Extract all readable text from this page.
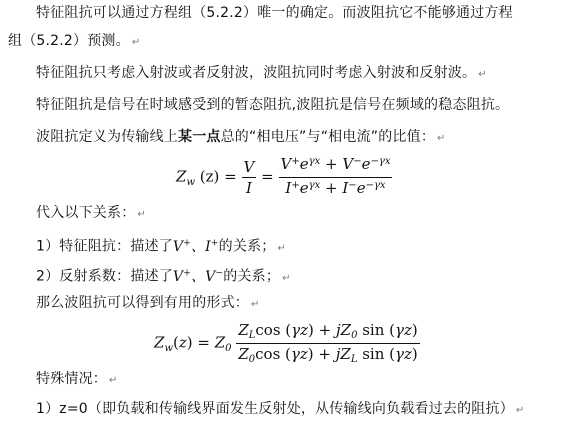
特征阻抗可以通过方程组（5.2.2）唯一的确定。而波阻抗它不能够通过方程
组（5.2.2）预测。 ↵
特征阻抗只考虑入射波或者反射波，波阻抗同时考虑入射波和反射波。 ↵
特征阻抗是信号在时域感受到的暂态阻抗,波阻抗是信号在频域的稳态阻抗。
波阻抗定义为传输线上某一点总的“相电压”与“相电流”的比值： ↵
$Z_w$ $(z) = \frac{V}{I} = \frac{V^+e^{\gamma x} + V^-e^{-\gamma x}}{I^+e^{\gamma x} + I^-e^{-\gamma x}}$
代入以下关系： ↵
1）特征阻抗：描述了V+、I+的关系； ↵
2）反射系数：描述了V+、V−的关系； ↵
那么波阻抗可以得到有用的形式： ↵
$Z_w(z) = Z_0 \frac{Z_L\cos (\gamma z) + jZ_0 \sin (\gamma z)}{Z_0\cos (\gamma z) + jZ_L \sin (\gamma z)}$
特殊情况： ↵
1）z=0（即负载和传输线界面发生反射处，从传输线向负载看过去的阻抗） ↵
